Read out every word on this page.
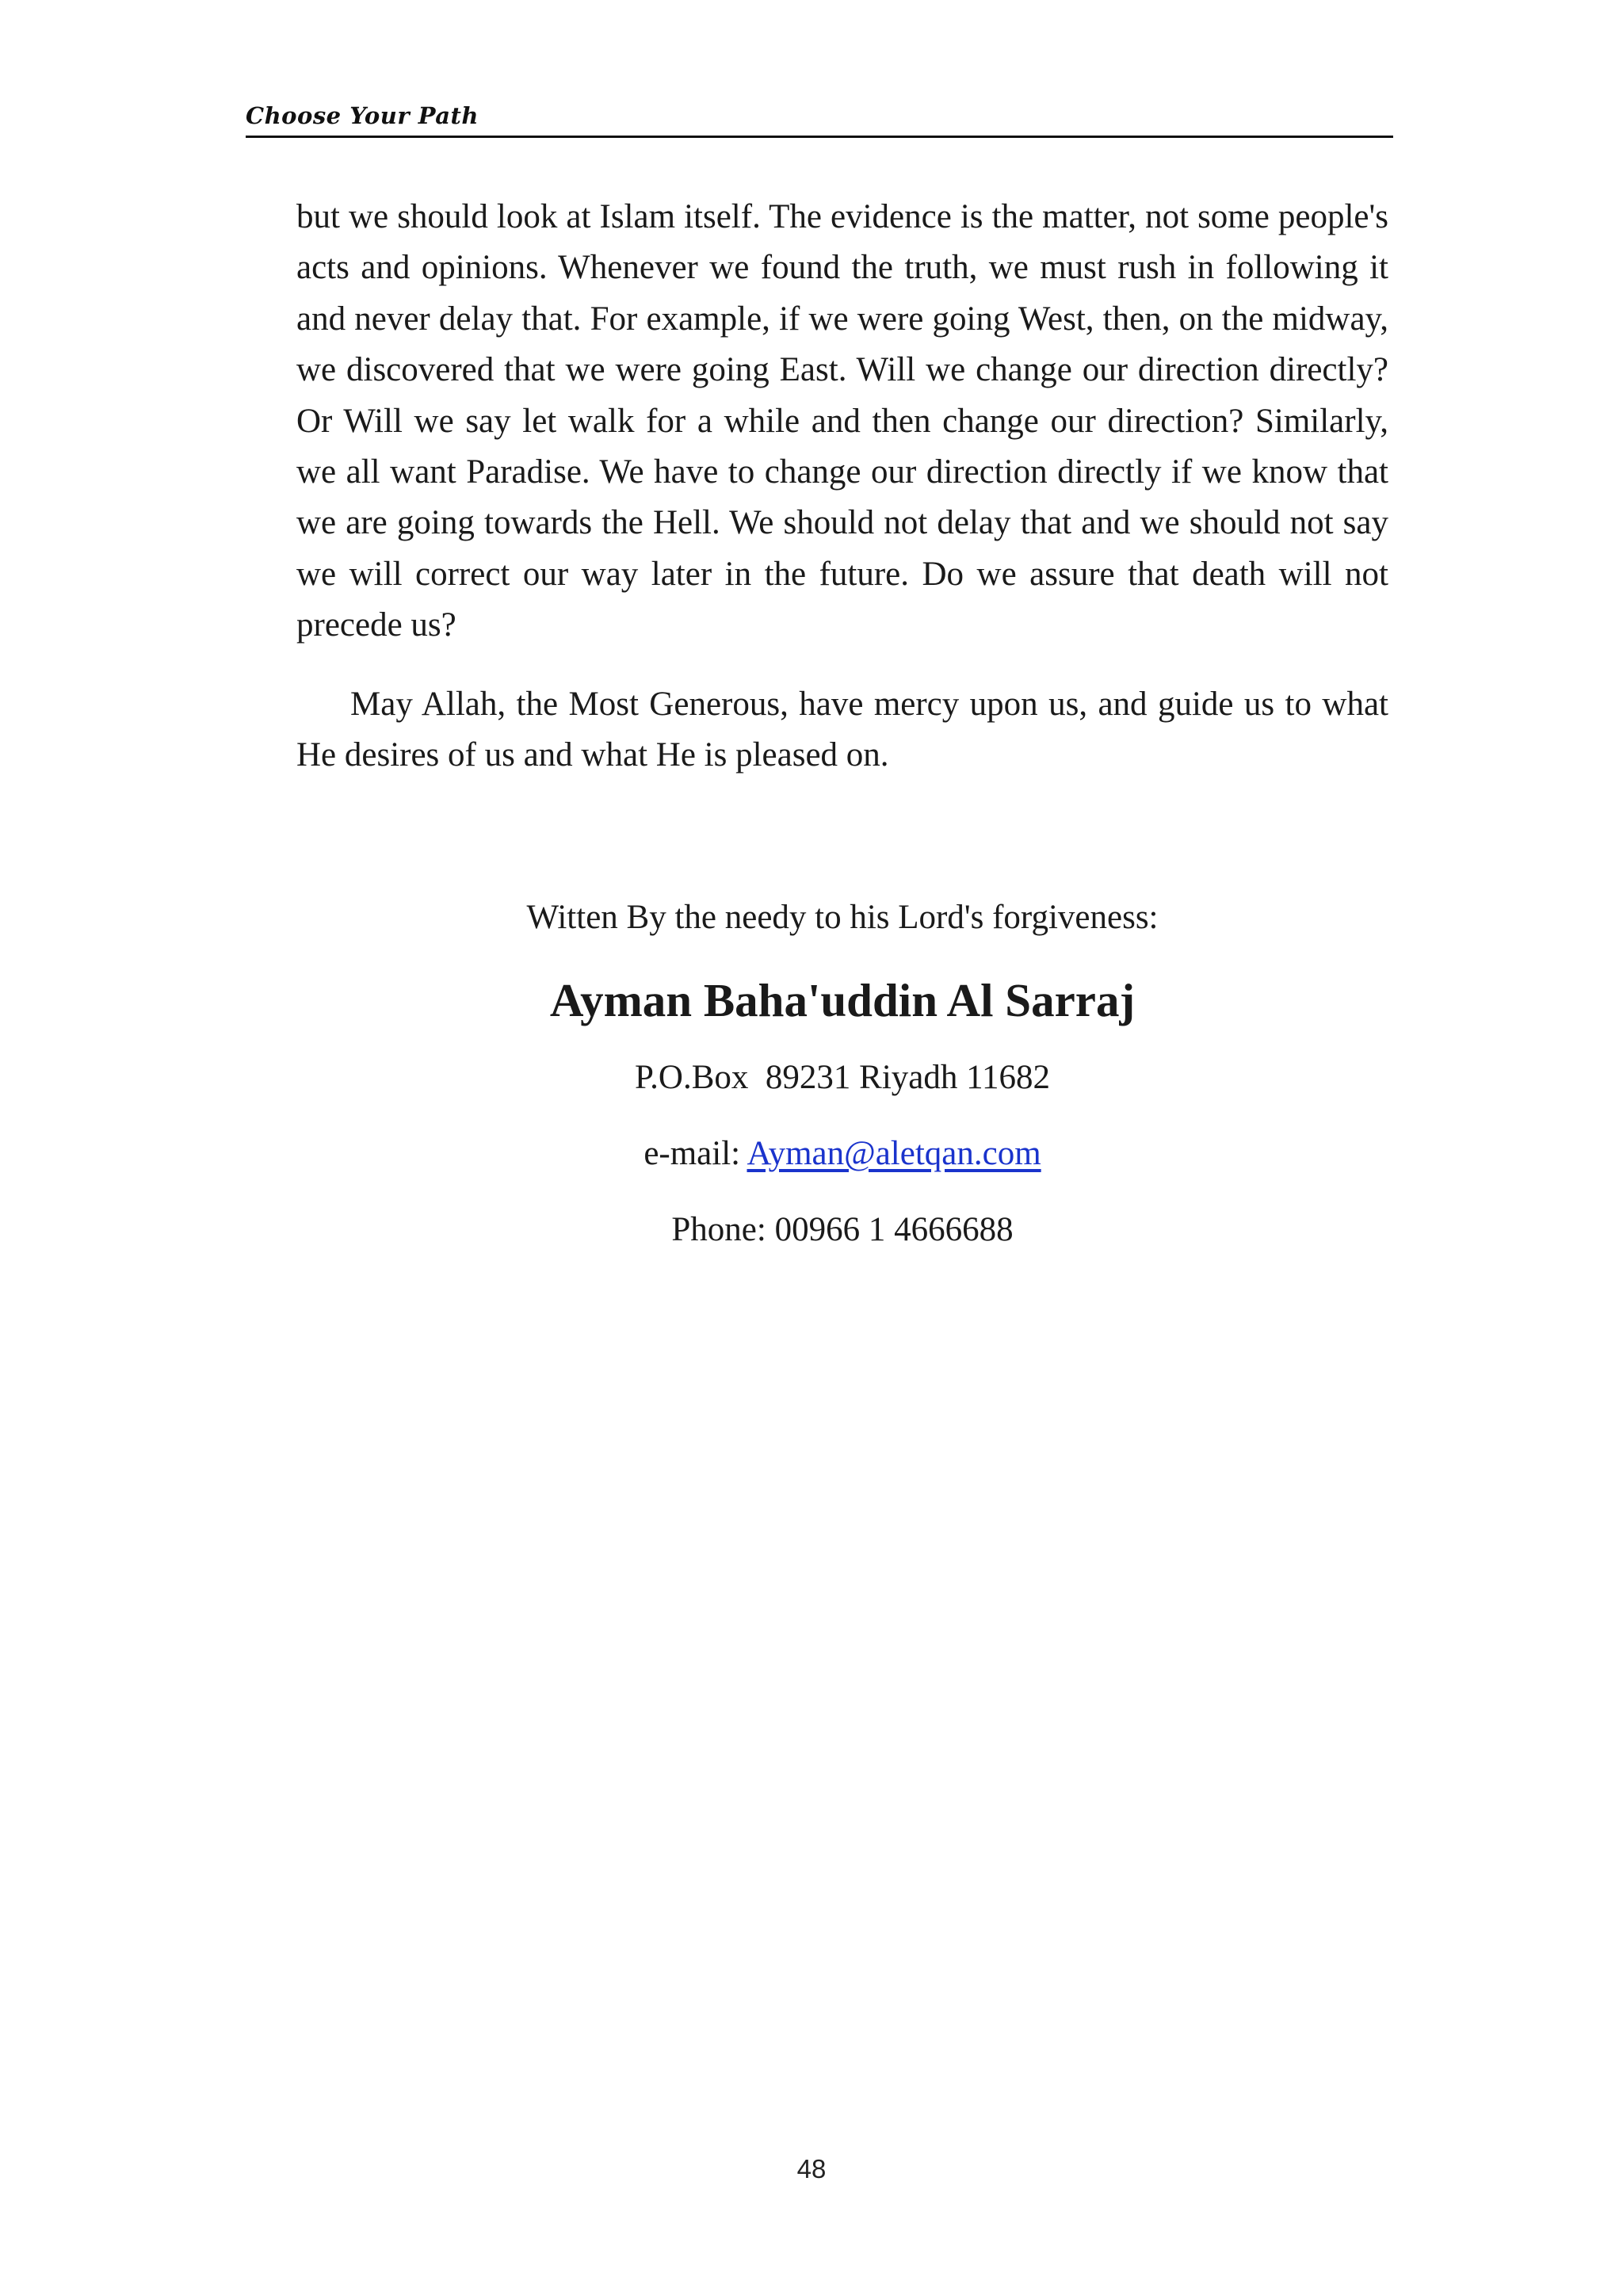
Choose Your Path

but we should look at Islam itself. The evidence is the matter, not some people's acts and opinions. Whenever we found the truth, we must rush in following it and never delay that. For example, if we were going West, then, on the midway, we discovered that we were going East. Will we change our direction directly? Or Will we say let walk for a while and then change our direction? Similarly, we all want Paradise. We have to change our direction directly if we know that we are going towards the Hell. We should not delay that and we should not say we will correct our way later in the future. Do we assure that death will not precede us?

May Allah, the Most Generous, have mercy upon us, and guide us to what He desires of us and what He is pleased on.

Witten By the needy to his Lord's forgiveness:

Ayman Baha'uddin Al Sarraj

P.O.Box  89231 Riyadh 11682

e-mail: Ayman@aletqan.com

Phone: 00966 1 4666688

48
